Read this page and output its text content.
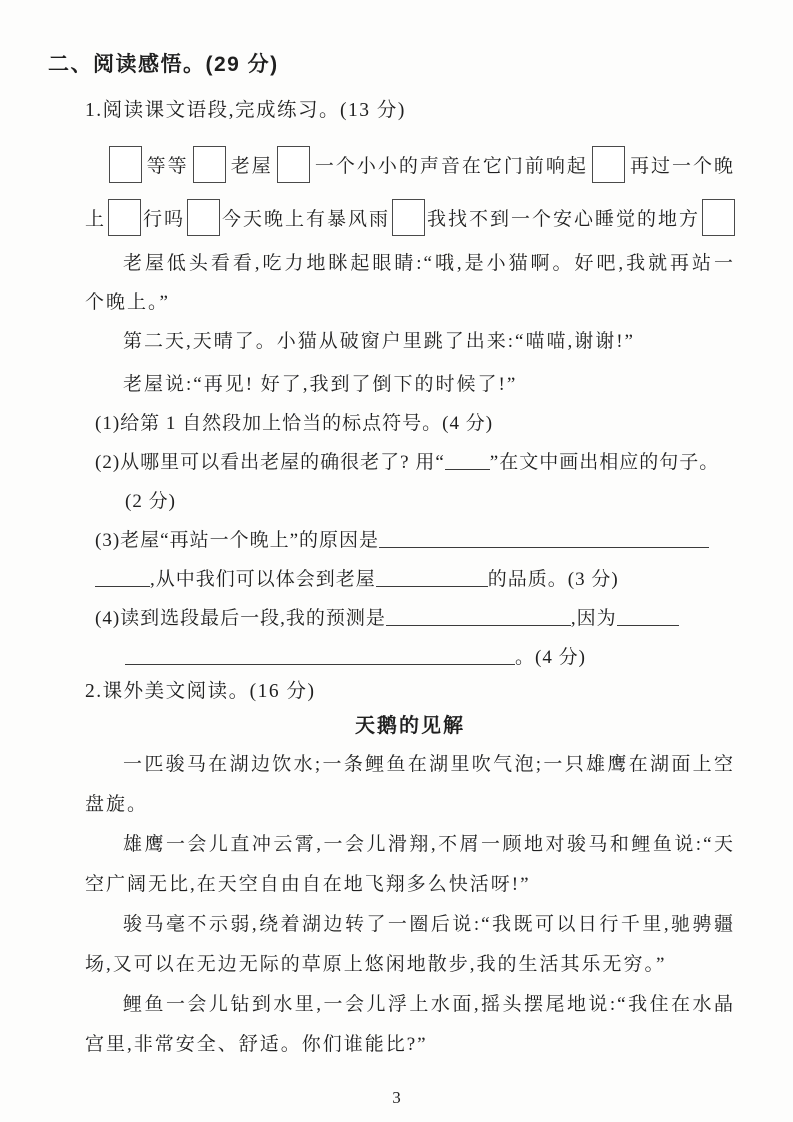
二、阅读感悟。(29 分)
1.阅读课文语段,完成练习。(13 分)
等等 老屋 一个小小的声音在它门前响起 再过一个晚
上 行吗 今天晚上有暴风雨 我找不到一个安心睡觉的地方
老屋低头看看,吃力地眯起眼睛:“哦,是小猫啊。好吧,我就再站一
个晚上。”
第二天,天晴了。小猫从破窗户里跳了出来:“喵喵,谢谢!”
老屋说:“再见! 好了,我到了倒下的时候了!”
(1)给第 1 自然段加上恰当的标点符号。(4 分)
(2)从哪里可以看出老屋的确很老了? 用“ ”在文中画出相应的句子。
(2 分)
(3)老屋“再站一个晚上”的原因是
,从中我们可以体会到老屋	的品质。(3 分)
(4)读到选段最后一段,我的预测是	,因为
。(4 分)
2.课外美文阅读。(16 分)
天鹅的见解
一匹骏马在湖边饮水;一条鲤鱼在湖里吹气泡;一只雄鹰在湖面上空
盘旋。
雄鹰一会儿直冲云霄,一会儿滑翔,不屑一顾地对骏马和鲤鱼说:“天
空广阔无比,在天空自由自在地飞翔多么快活呀!”
骏马毫不示弱,绕着湖边转了一圈后说:“我既可以日行千里,驰骋疆
场,又可以在无边无际的草原上悠闲地散步,我的生活其乐无穷。”
鲤鱼一会儿钻到水里,一会儿浮上水面,摇头摆尾地说:“我住在水晶
宫里,非常安全、舒适。你们谁能比?”
3
